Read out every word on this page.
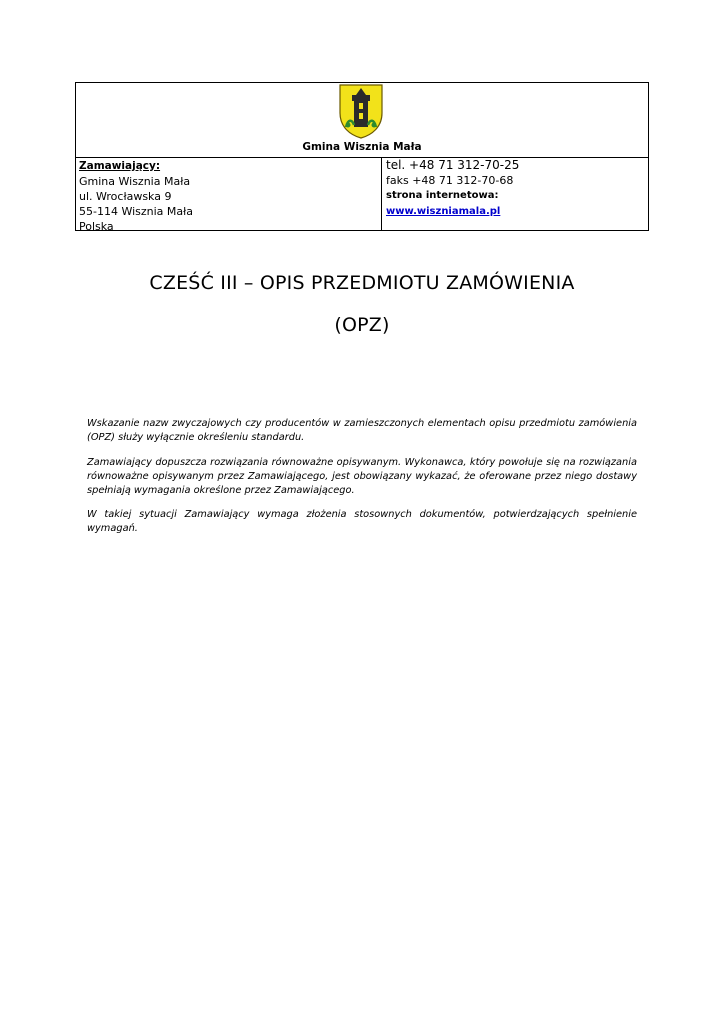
Gmina Wisznia Mała
Zamawiający:
Gmina Wisznia Mała
ul. Wrocławska 9
55-114 Wisznia Mała
Polska
tel. +48 71 312-70-25
faks +48 71 312-70-68
strona internetowa:
www.wiszniamala.pl
CZEŚĆ III – OPIS PRZEDMIOTU ZAMÓWIENIA
(OPZ)
Wskazanie nazw zwyczajowych czy producentów w zamieszczonych elementach opisu przedmiotu zamówienia (OPZ) służy wyłącznie określeniu standardu.
Zamawiający dopuszcza rozwiązania równoważne opisywanym. Wykonawca, który powołuje się na rozwiązania równoważne opisywanym przez Zamawiającego, jest obowiązany wykazać, że oferowane przez niego dostawy spełniają wymagania określone przez Zamawiającego.
W takiej sytuacji Zamawiający wymaga złożenia stosownych dokumentów, potwierdzających spełnienie wymagań.
